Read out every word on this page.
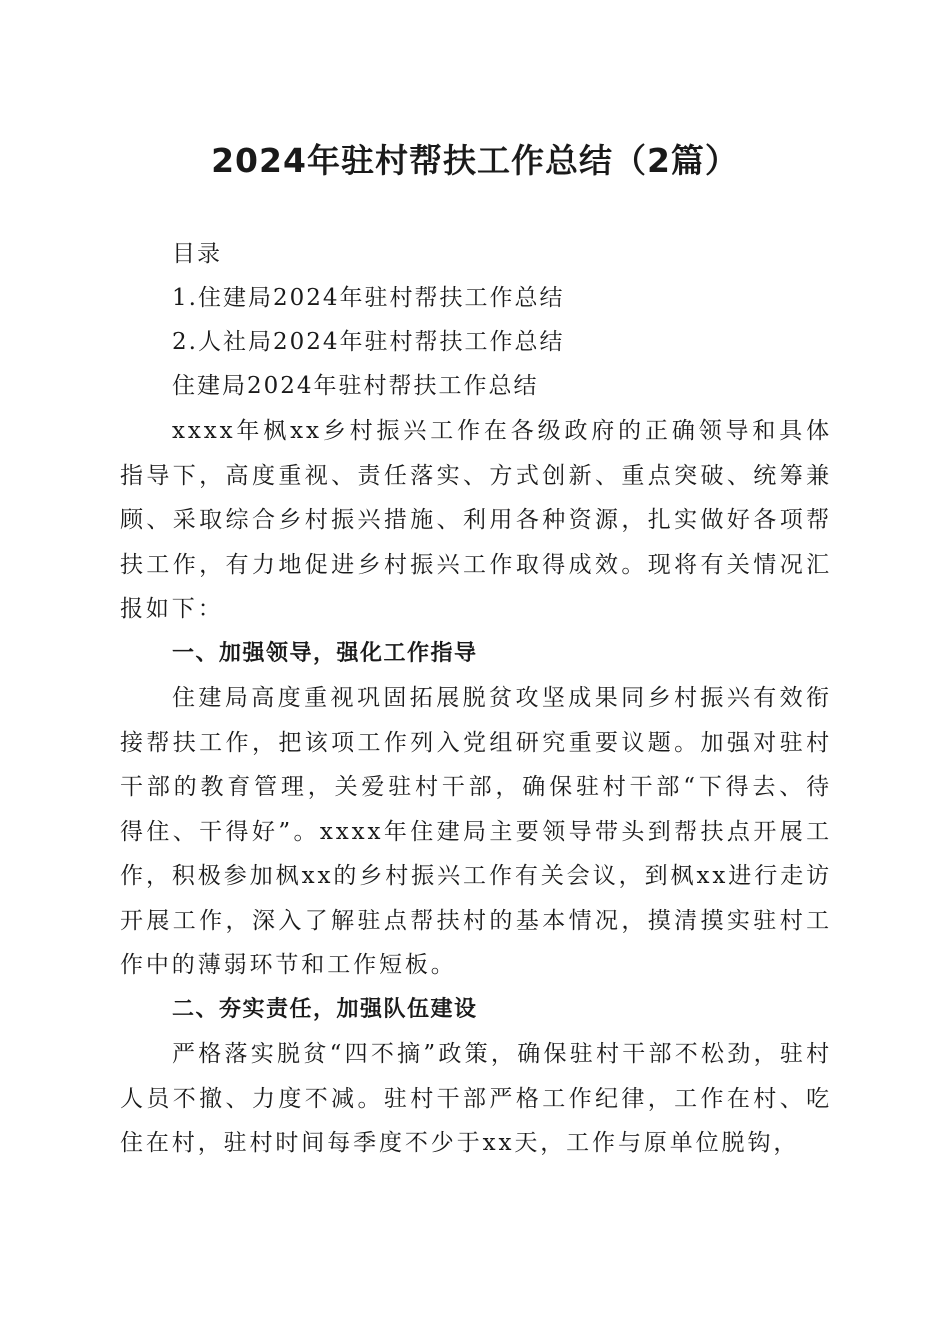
2024年驻村帮扶工作总结（2篇）
目录
1.住建局2024年驻村帮扶工作总结
2.人社局2024年驻村帮扶工作总结
住建局2024年驻村帮扶工作总结

xxxx年枫xx乡村振兴工作在各级政府的正确领导和具体指导下，高度重视、责任落实、方式创新、重点突破、统筹兼顾、采取综合乡村振兴措施、利用各种资源，扎实做好各项帮扶工作，有力地促进乡村振兴工作取得成效。现将有关情况汇报如下：

一、加强领导，强化工作指导

住建局高度重视巩固拓展脱贫攻坚成果同乡村振兴有效衔接帮扶工作，把该项工作列入党组研究重要议题。加强对驻村干部的教育管理，关爱驻村干部，确保驻村干部“下得去、待得住、干得好”。xxxx年住建局主要领导带头到帮扶点开展工作，积极参加枫xx的乡村振兴工作有关会议，到枫xx进行走访开展工作，深入了解驻点帮扶村的基本情况，摸清摸实驻村工作中的薄弱环节和工作短板。

二、夯实责任，加强队伍建设

严格落实脱贫“四不摘”政策，确保驻村干部不松劲，驻村人员不撤、力度不减。驻村干部严格工作纪律，工作在村、吃住在村，驻村时间每季度不少于xx天，工作与原单位脱钩，
